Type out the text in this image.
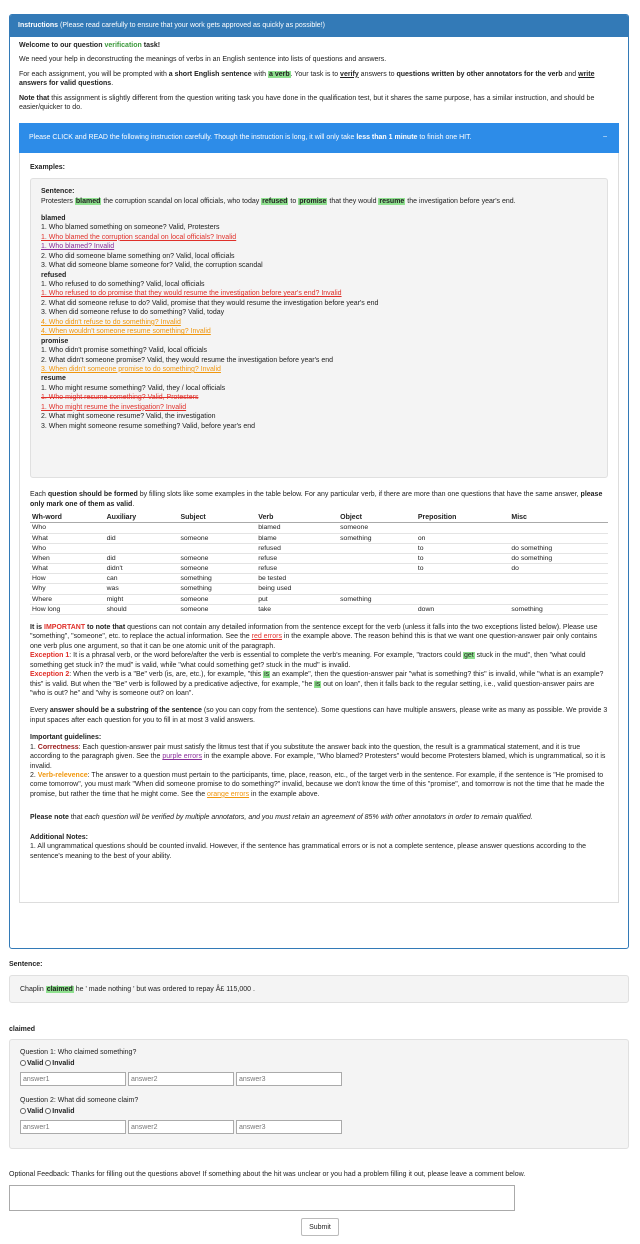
Instructions (Please read carefully to ensure that your work gets approved as quickly as possible!)

Welcome to our question verification task!

We need your help in deconstructing the meanings of verbs in an English sentence into lists of questions and answers.

For each assignment, you will be prompted with a short English sentence with a verb. Your task is to verify answers to questions written by other annotators for the verb and write
answers for valid questions.

Note that this assignment is slightly different from the question writing task you have done in the qualification test, but it shares the same purpose, has a similar instruction, and should be easier/quicker to do.

Please CLICK and READ the following instruction carefully. Though the instruction is long, it will only take less than 1 minute to finish one HIT.	–
Examples:
Sentence:
Protesters blamed the corruption scandal on local officials, who today refused to promise that they would resume the investigation before year's end.
blamed
1. Who blamed something on someone? Valid, Protesters
1. Who blamed the corruption scandal on local officials? Invalid
1. Who blamed? Invalid
2. Who did someone blame something on? Valid, local officials
3. What did someone blame someone for? Valid, the corruption scandal
refused
1. Who refused to do something? Valid, local officials
1. Who refused to do promise that they would resume the investigation before year's end? Invalid
2. What did someone refuse to do? Valid, promise that they would resume the investigation before year's end
3. When did someone refuse to do something? Valid, today
4. Who didn't refuse to do something? Invalid
4. When wouldn't someone resume something? Invalid
promise
1. Who didn't promise something? Valid, local officials
2. What didn't someone promise? Valid, they would resume the investigation before year's end
3. When didn't someone promise to do something? Invalid
resume
1. Who might resume something? Valid, they / local officials
1. Who might resume something? Valid, Protesters
1. Who might resume the investigation? Invalid
2. What might someone resume? Valid, the investigation
3. When might someone resume something? Valid, before year's end
Each question should be formed by filling slots like some examples in the table below. For any particular verb, if there are more than one questions that have the same answer, please only mark one of them as valid.
Wh-word	Auxiliary	Subject	Verb	Object	Preposition	Misc
Who			blamed	someone		
What	did	someone	blame	something	on	
Who			refused		to	do something
When	did	someone	refuse		to	do something
What	didn't	someone	refuse		to	do
How	can	something	be tested			
Why	was	something	being used			
Where	might	someone	put	something		
How long	should	someone	take		down	something
It is IMPORTANT to note that questions can not contain any detailed information from the sentence except for the verb (unless it falls into the two exceptions listed below). Please use "something", "someone", etc. to replace the actual information. See the red errors in the example above. The reason behind this is that we want one question-answer pair only contains one verb plus one argument, so that it can be one atomic unit of the paragraph.
Exception 1: It is a phrasal verb, or the word before/after the verb is essential to complete the verb's meaning. For example, "tractors could get stuck in the mud", then "what could something get stuck in? the mud" is valid, while "what could something get? stuck in the mud" is invalid.
Exception 2: When the verb is a "Be" verb (is, are, etc.), for example, "this is an example", then the question-answer pair "what is something? this" is invalid, while "what is an example? this" is valid. But when the "Be" verb is followed by a predicative adjective, for example, "he is out on loan", then it falls back to the regular setting, i.e., valid question-answer pairs are "who is out? he" and "why is someone out? on loan".
Every answer should be a substring of the sentence (so you can copy from the sentence). Some questions can have multiple answers, please write as many as possible. We provide 3 input spaces after each question for you to fill in at most 3 valid answers.
Important guidelines:
1. Correctness: Each question-answer pair must satisfy the litmus test that if you substitute the answer back into the question, the result is a grammatical statement, and it is true according to the paragraph given. See the purple errors in the example above. For example, "Who blamed? Protesters" would become Protesters blamed, which is ungrammatical, so it is invalid.
2. Verb-relevence: The answer to a question must pertain to the participants, time, place, reason, etc., of the target verb in the sentence. For example, if the sentence is "He promised to come tomorrow", you must mark "When did someone promise to do something?" invalid, because we don't know the time of this "promise", and tomorrow is not the time that he made the promise, but rather the time that he might come. See the orange errors in the example above.
Please note that each question will be verified by multiple annotators, and you must retain an agreement of 85% with other annotators in order to remain qualified.
Additional Notes:
1. All ungrammatical questions should be counted invalid. However, if the sentence has grammatical errors or is not a complete sentence, please answer questions according to the sentence's meaning to the best of your ability.
Sentence:
Chaplin claimed he ' made nothing ' but was ordered to repay Â£ 115,000 .
claimed
Question 1: Who claimed something?
Valid Invalid
answer1	answer2	answer3
Question 2: What did someone claim?
Valid Invalid
answer1	answer2	answer3
Optional Feedback: Thanks for filling out the questions above! If something about the hit was unclear or you had a problem filling it out, please leave a comment below.
Submit
